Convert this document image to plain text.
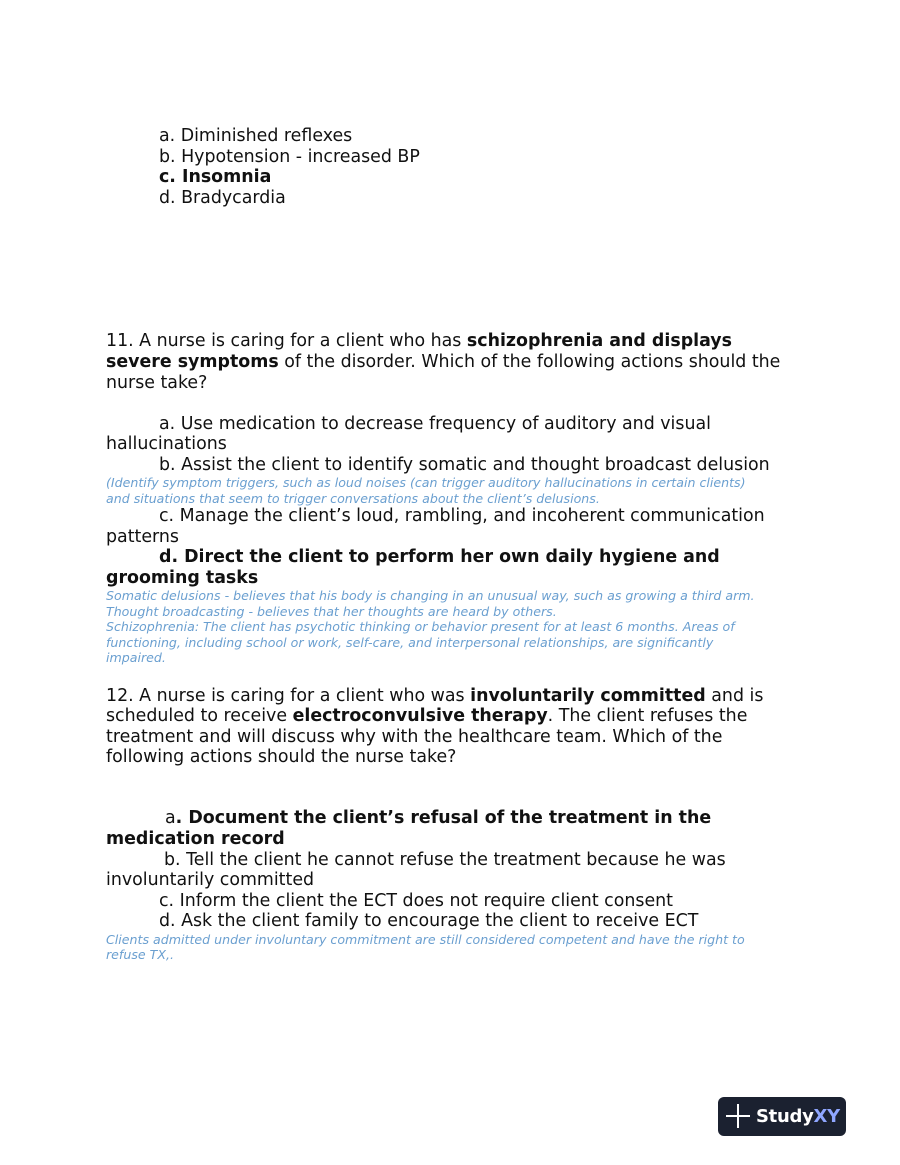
a. Diminished reflexes
b. Hypotension - increased BP
c. Insomnia
d. Bradycardia
11. A nurse is caring for a client who has schizophrenia and displays
severe symptoms of the disorder. Which of the following actions should the
nurse take?
a. Use medication to decrease frequency of auditory and visual
hallucinations
b. Assist the client to identify somatic and thought broadcast delusion
(Identify symptom triggers, such as loud noises (can trigger auditory hallucinations in certain clients)
and situations that seem to trigger conversations about the client’s delusions.
c. Manage the client’s loud, rambling, and incoherent communication
patterns
d. Direct the client to perform her own daily hygiene and
grooming tasks
Somatic delusions - believes that his body is changing in an unusual way, such as growing a third arm.
Thought broadcasting - believes that her thoughts are heard by others.
Schizophrenia: The client has psychotic thinking or behavior present for at least 6 months. Areas of
functioning, including school or work, self-care, and interpersonal relationships, are significantly
impaired.
12. A nurse is caring for a client who was involuntarily committed and is
scheduled to receive electroconvulsive therapy. The client refuses the
treatment and will discuss why with the healthcare team. Which of the
following actions should the nurse take?
a. Document the client’s refusal of the treatment in the
medication record
b. Tell the client he cannot refuse the treatment because he was
involuntarily committed
c. Inform the client the ECT does not require client consent
d. Ask the client family to encourage the client to receive ECT
Clients admitted under involuntary commitment are still considered competent and have the right to
refuse TX,.
StudyXY
